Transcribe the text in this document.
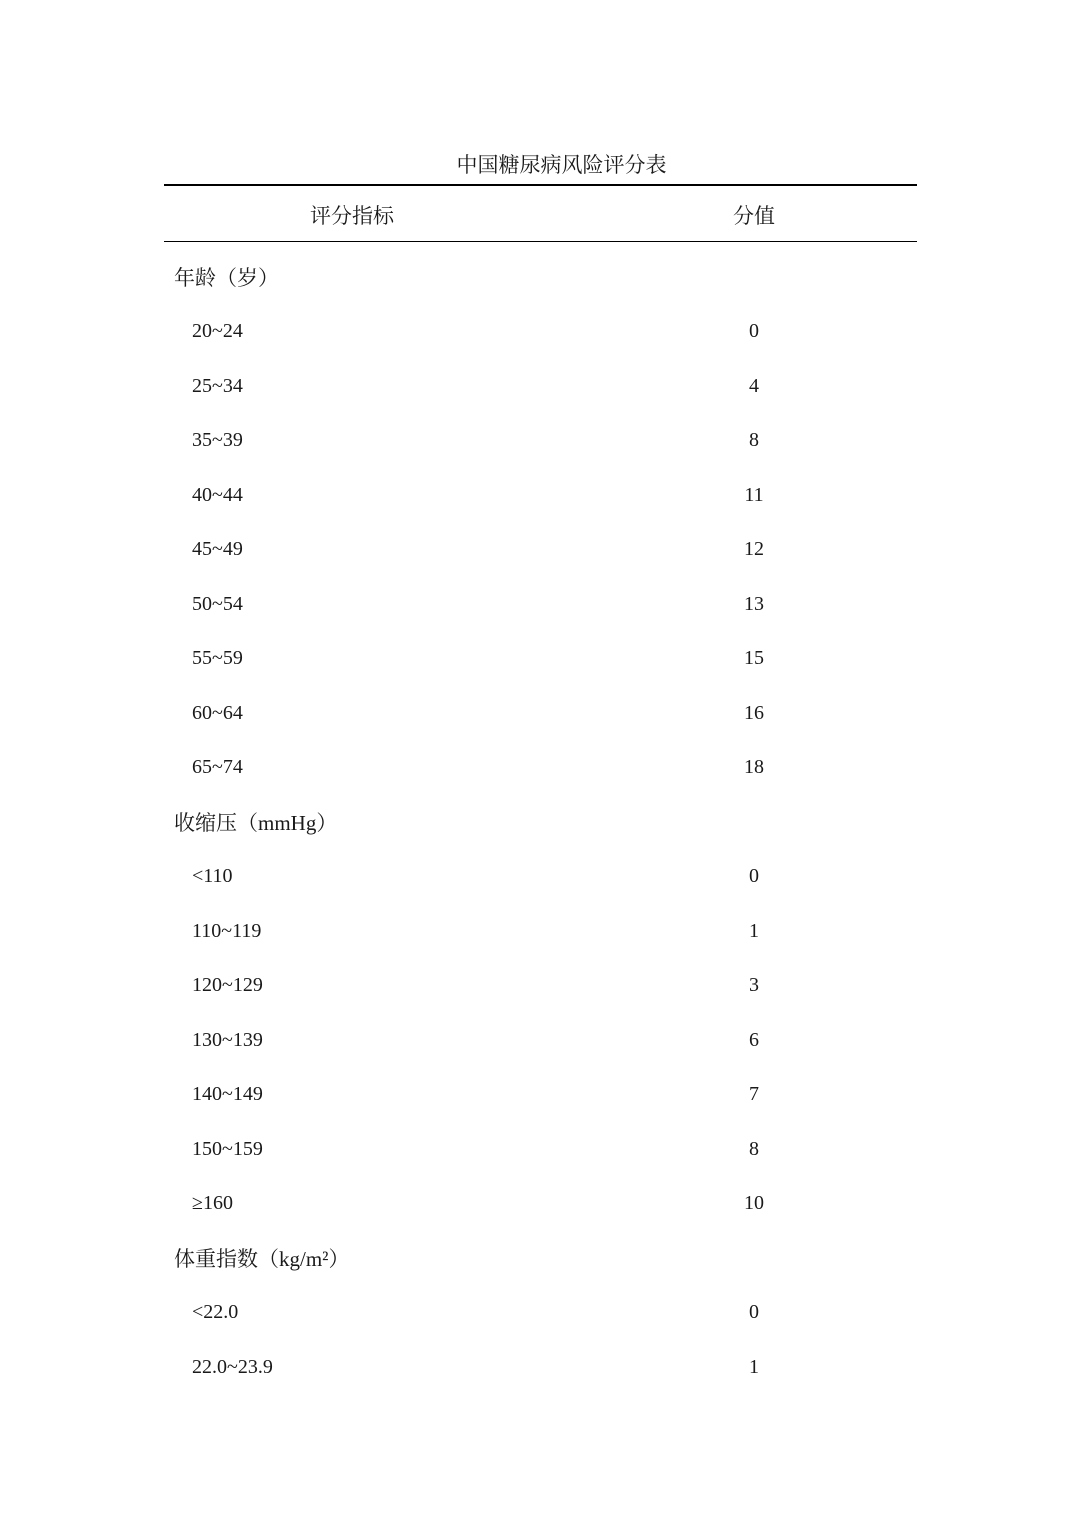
中国糖尿病风险评分表
评分指标	分值
年龄（岁）
20~24	0
25~34	4
35~39	8
40~44	11
45~49	12
50~54	13
55~59	15
60~64	16
65~74	18
收缩压（mmHg）
<110	0
110~119	1
120~129	3
130~139	6
140~149	7
150~159	8
≥160	10
体重指数（kg/m²）
<22.0	0
22.0~23.9	1
